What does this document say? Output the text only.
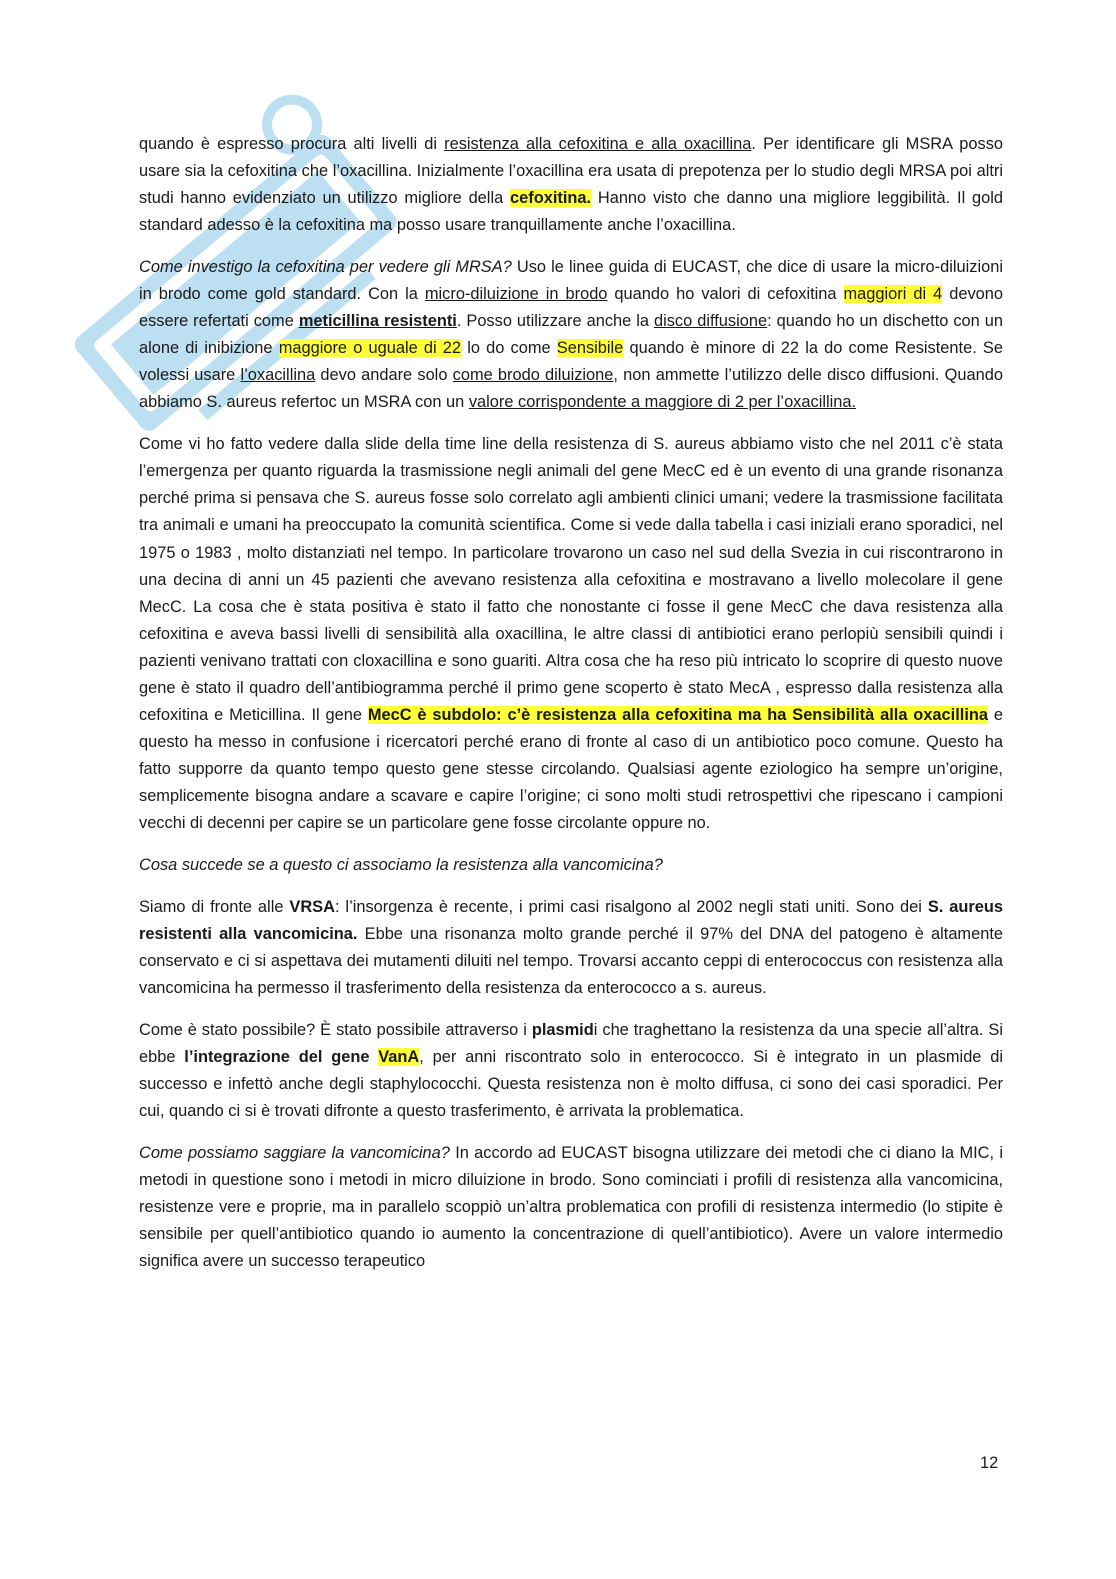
quando è espresso procura alti livelli di resistenza alla cefoxitina e alla oxacillina. Per identificare gli MSRA posso usare sia la cefoxitina che l’oxacillina. Inizialmente l’oxacillina era usata di prepotenza per lo studio degli MRSA poi altri studi hanno evidenziato un utilizzo migliore della cefoxitina. Hanno visto che danno una migliore leggibilità. Il gold standard adesso è la cefoxitina ma posso usare tranquillamente anche l’oxacillina.

Come investigo la cefoxitina per vedere gli MRSA? Uso le linee guida di EUCAST, che dice di usare la micro-diluizioni in brodo come gold standard. Con la micro-diluizione in brodo quando ho valori di cefoxitina maggiori di 4 devono essere refertati come meticillina resistenti. Posso utilizzare anche la disco diffusione: quando ho un dischetto con un alone di inibizione maggiore o uguale di 22 lo do come Sensibile quando è minore di 22 la do come Resistente. Se volessi usare l’oxacillina devo andare solo come brodo diluizione, non ammette l’utilizzo delle disco diffusioni. Quando abbiamo S. aureus refertoc un MSRA con un valore corrispondente a maggiore di 2 per l’oxacillina.

Come vi ho fatto vedere dalla slide della time line della resistenza di S. aureus abbiamo visto che nel 2011 c’è stata l’emergenza per quanto riguarda la trasmissione negli animali del gene MecC ed è un evento di una grande risonanza perché prima si pensava che S. aureus fosse solo correlato agli ambienti clinici umani; vedere la trasmissione facilitata tra animali e umani ha preoccupato la comunità scientifica. Come si vede dalla tabella i casi iniziali erano sporadici, nel 1975 o 1983 , molto distanziati nel tempo. In particolare trovarono un caso nel sud della Svezia in cui riscontrarono in una decina di anni un 45 pazienti che avevano resistenza alla cefoxitina e mostravano a livello molecolare il gene MecC. La cosa che è stata positiva è stato il fatto che nonostante ci fosse il gene MecC che dava resistenza alla cefoxitina e aveva bassi livelli di sensibilità alla oxacillina, le altre classi di antibiotici erano perlopiù sensibili quindi i pazienti venivano trattati con cloxacillina e sono guariti. Altra cosa che ha reso più intricato lo scoprire di questo nuove gene è stato il quadro dell’antibiogramma perché il primo gene scoperto è stato MecA , espresso dalla resistenza alla cefoxitina e Meticillina. Il gene MecC è subdolo: c’è resistenza alla cefoxitina ma ha Sensibilità alla oxacillina e questo ha messo in confusione i ricercatori perché erano di fronte al caso di un antibiotico poco comune. Questo ha fatto supporre da quanto tempo questo gene stesse circolando. Qualsiasi agente eziologico ha sempre un’origine, semplicemente bisogna andare a scavare e capire l’origine; ci sono molti studi retrospettivi che ripescano i campioni vecchi di decenni per capire se un particolare gene fosse circolante oppure no.

Cosa succede se a questo ci associamo la resistenza alla vancomicina?

Siamo di fronte alle VRSA: l’insorgenza è recente, i primi casi risalgono al 2002 negli stati uniti. Sono dei S. aureus resistenti alla vancomicina. Ebbe una risonanza molto grande perché il 97% del DNA del patogeno è altamente conservato e ci si aspettava dei mutamenti diluiti nel tempo. Trovarsi accanto ceppi di enterococcus con resistenza alla vancomicina ha permesso il trasferimento della resistenza da enterococco a s. aureus.

Come è stato possibile? È stato possibile attraverso i plasmidi che traghettano la resistenza da una specie all’altra. Si ebbe l’integrazione del gene VanA, per anni riscontrato solo in enterococco. Si è integrato in un plasmide di successo e infettò anche degli staphylococchi. Questa resistenza non è molto diffusa, ci sono dei casi sporadici. Per cui, quando ci si è trovati difronte a questo trasferimento, è arrivata la problematica.

Come possiamo saggiare la vancomicina? In accordo ad EUCAST bisogna utilizzare dei metodi che ci diano la MIC, i metodi in questione sono i metodi in micro diluizione in brodo. Sono cominciati i profili di resistenza alla vancomicina, resistenze vere e proprie, ma in parallelo scoppiò un’altra problematica con profili di resistenza intermedio (lo stipite è sensibile per quell’antibiotico quando io aumento la concentrazione di quell’antibiotico). Avere un valore intermedio significa avere un successo terapeutico

12
